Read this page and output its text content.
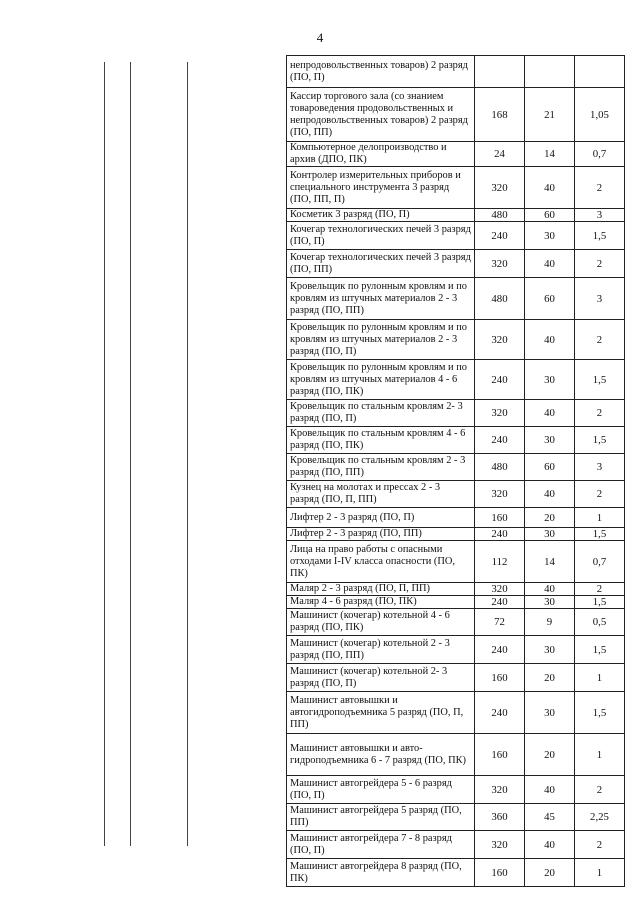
4
непродовольственных товаров) 2 разряд (ПО, П)			
Кассир торгового зала (со знанием товароведения продовольственных и непродовольственных товаров) 2 разряд (ПО, ПП)	168	21	1,05
Компьютерное делопроизводство и архив (ДПО, ПК)	24	14	0,7
Контролер измерительных приборов и специального инструмента 3 разряд (ПО, ПП, П)	320	40	2
Косметик 3 разряд (ПО, П)	480	60	3
Кочегар технологических печей 3 разряд (ПО, П)	240	30	1,5
Кочегар технологических печей 3 разряд (ПО, ПП)	320	40	2
Кровельщик по рулонным кровлям и по кровлям из штучных материалов 2 - 3 разряд (ПО, ПП)	480	60	3
Кровельщик по рулонным кровлям и по кровлям из штучных материалов 2 - 3 разряд (ПО, П)	320	40	2
Кровельщик по рулонным кровлям и по кровлям из штучных материалов 4 - 6 разряд (ПО, ПК)	240	30	1,5
Кровельщик по стальным кровлям 2- 3 разряд (ПО, П)	320	40	2
Кровельщик по стальным кровлям 4 - 6 разряд (ПО, ПК)	240	30	1,5
Кровельщик по стальным кровлям 2 - 3 разряд (ПО, ПП)	480	60	3
Кузнец на молотах и прессах 2 - 3 разряд (ПО, П, ПП)	320	40	2
Лифтер 2 - 3 разряд (ПО, П)	160	20	1
Лифтер 2 - 3 разряд (ПО, ПП)	240	30	1,5
Лица на право работы с опасными отходами I-IV класса опасности (ПО, ПК)	112	14	0,7
Маляр 2 - 3 разряд (ПО, П, ПП)	320	40	2
Маляр 4 - 6 разряд (ПО, ПК)	240	30	1,5
Машинист (кочегар) котельной 4 - 6 разряд (ПО, ПК)	72	9	0,5
Машинист (кочегар) котельной 2 - 3 разряд (ПО, ПП)	240	30	1,5
Машинист (кочегар) котельной 2- 3 разряд (ПО, П)	160	20	1
Машинист автовышки и автогидроподъемника 5 разряд (ПО, П, ПП)	240	30	1,5
Машинист автовышки и авто-гидроподъемника 6 - 7 разряд (ПО, ПК)	160	20	1
Машинист автогрейдера 5 - 6 разряд (ПО, П)	320	40	2
Машинист автогрейдера 5 разряд (ПО, ПП)	360	45	2,25
Машинист автогрейдера 7 - 8 разряд (ПО, П)	320	40	2
Машинист автогрейдера 8 разряд (ПО, ПК)	160	20	1
